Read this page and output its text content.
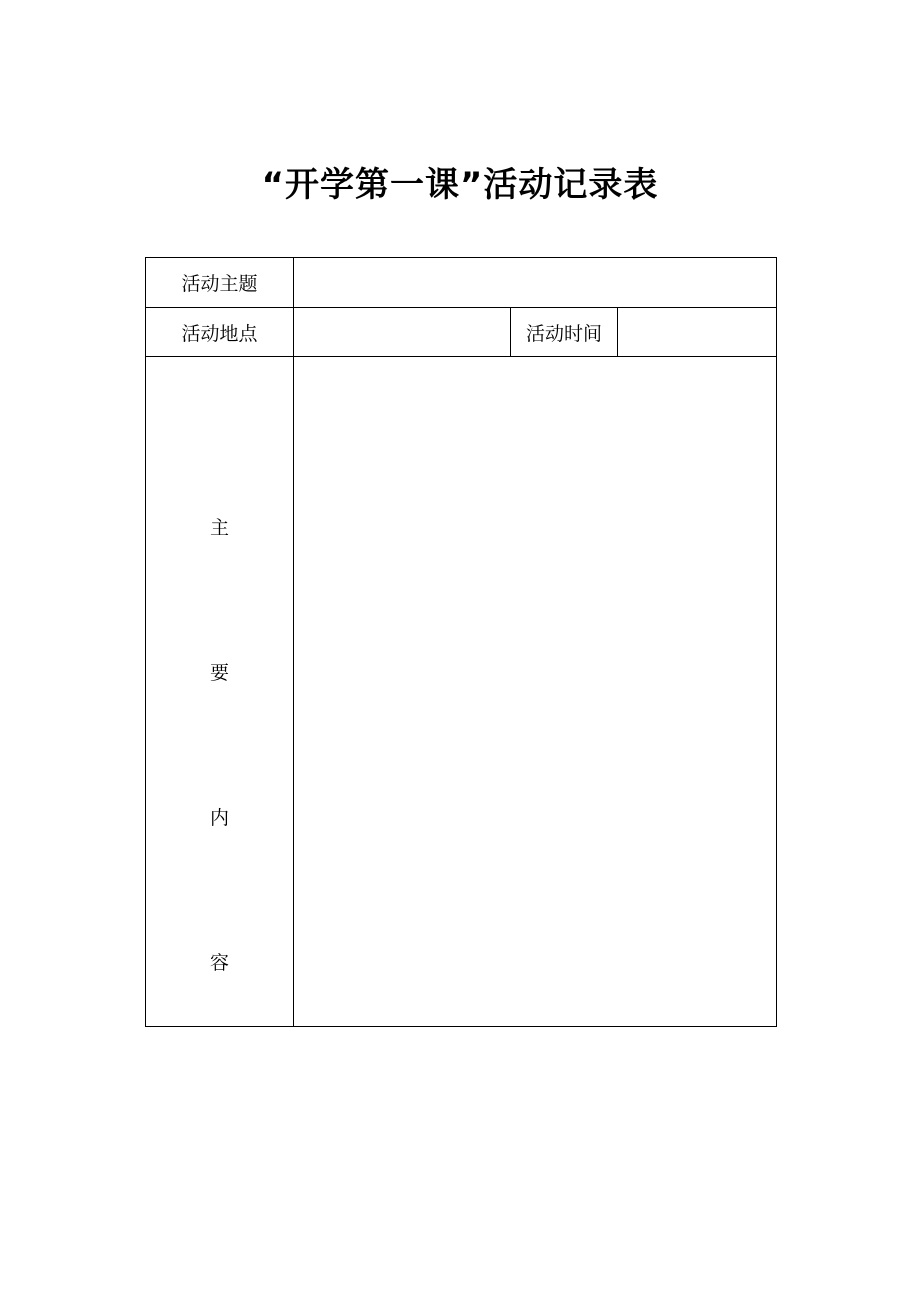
“开学第一课”活动记录表
活动主题			
活动地点		活动时间	

主
要
内
容			
